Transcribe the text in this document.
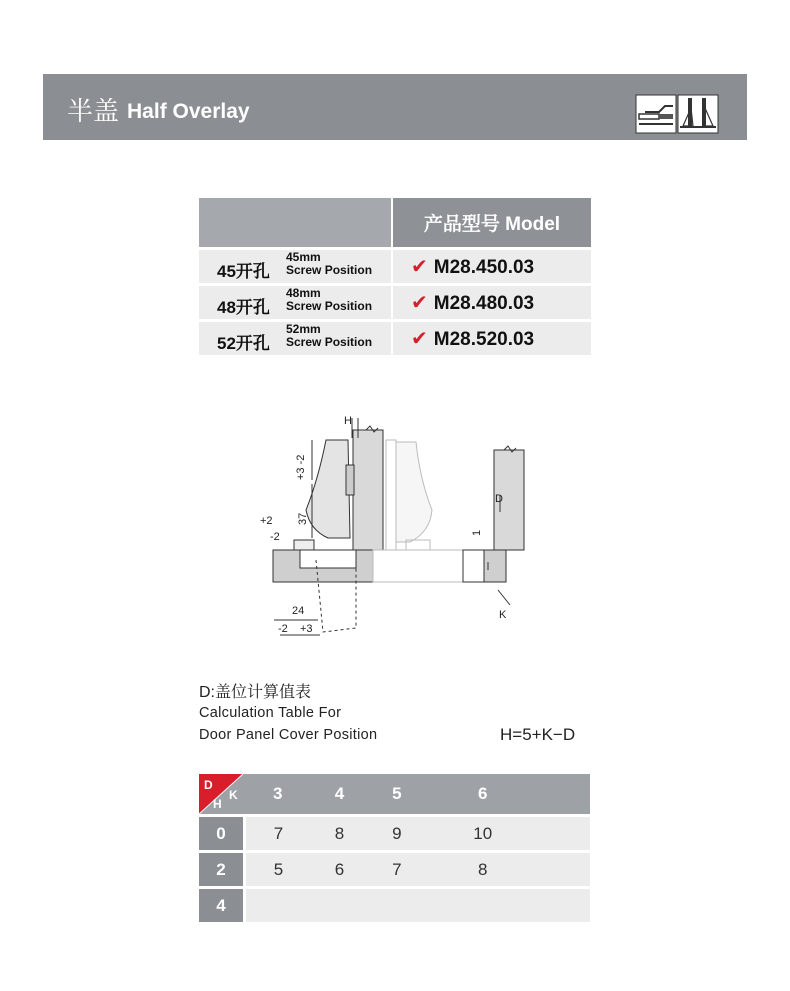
半盖 Half Overlay
	产品型号 Model

45开孔
45mm
Screw Position	✔ M28.450.03

48开孔
48mm
Screw Position	✔ M28.480.03

52开孔
52mm
Screw Position	✔ M28.520.03
H
+3 -2
37
+2
-2
24
-2 +3
D
1
K
D:盖位计算值表
Calculation Table For
Door Panel Cover Position	H=5+K−D
D
K
H	3	4	5	6	
0	7	8	9	10	
2	5	6	7	8	
4					
